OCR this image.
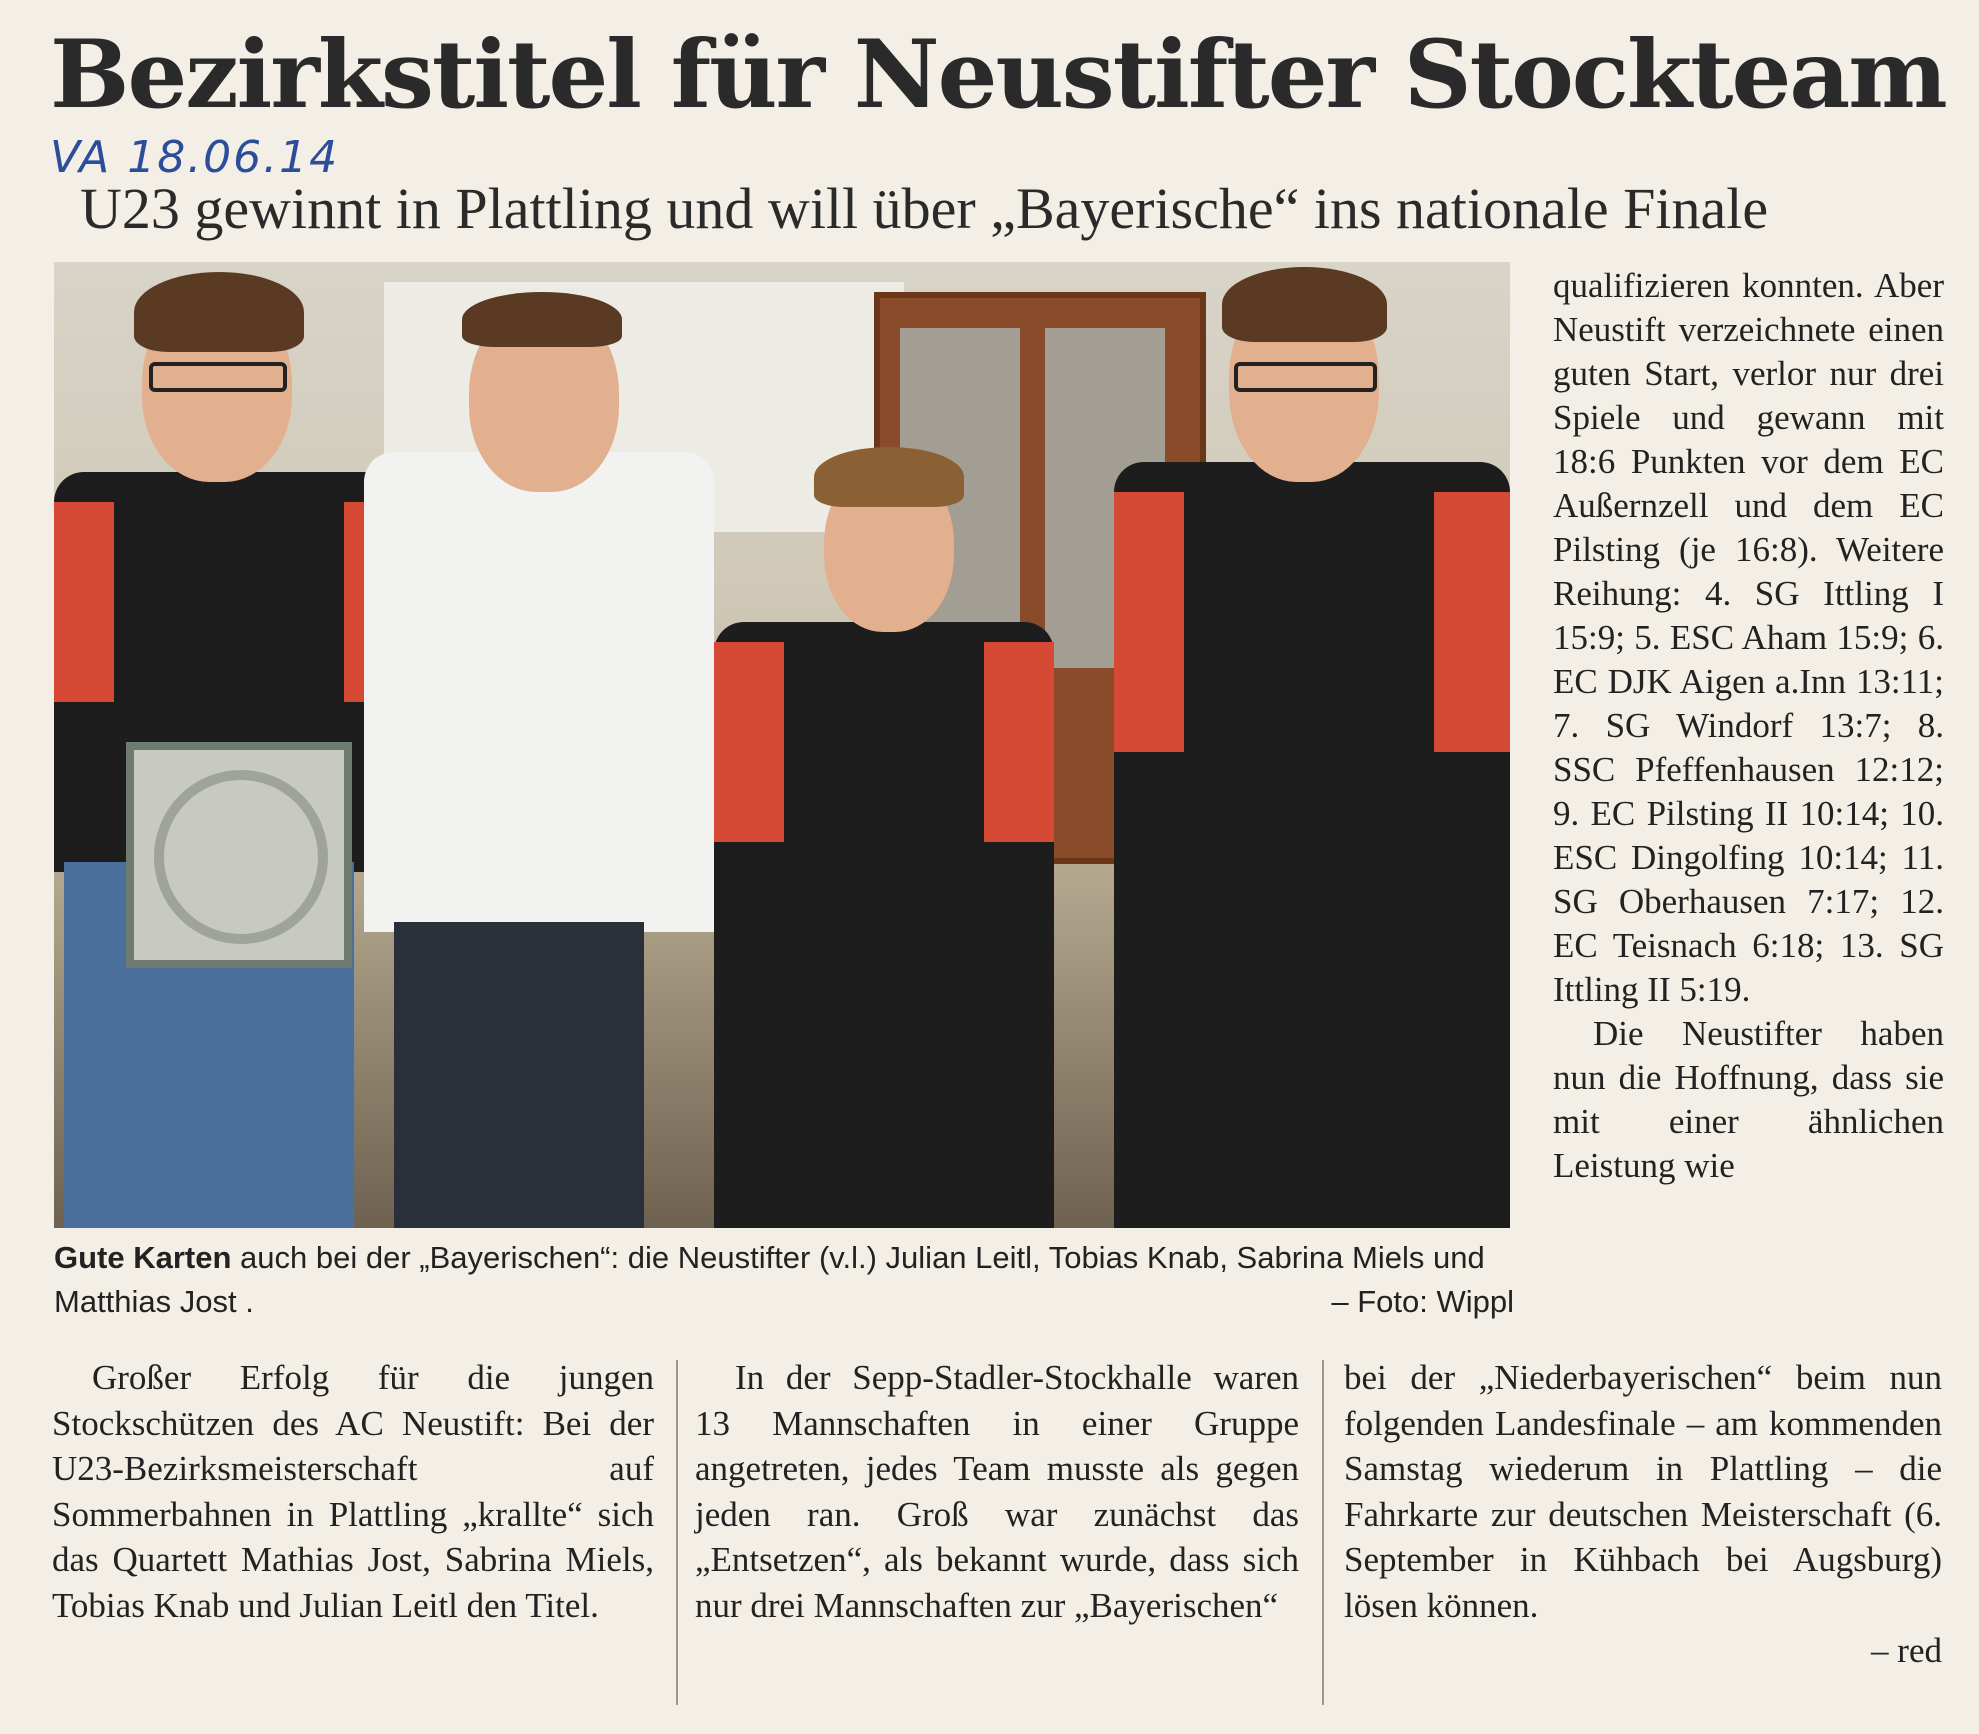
Bezirkstitel für Neustifter Stockteam
VA 18.06.14
U23 gewinnt in Plattling und will über „Bayerische“ ins nationale Finale
Gute Karten auch bei der „Bayerischen“: die Neustifter (v.l.) Julian Leitl, Tobias Knab, Sabrina Miels und Matthias Jost .	– Foto: Wippl

qualifizieren konnten. Aber Neustift verzeichnete einen guten Start, verlor nur drei Spiele und gewann mit 18:6 Punkten vor dem EC Außernzell und dem EC Pilsting (je 16:8). Weitere Reihung: 4. SG Ittling I 15:9; 5. ESC Aham 15:9; 6. EC DJK Aigen a.Inn 13:11; 7. SG Windorf 13:7; 8. SSC Pfeffenhausen 12:12; 9. EC Pilsting II 10:14; 10. ESC Dingolfing 10:14; 11. SG Oberhausen 7:17; 12. EC Teisnach 6:18; 13. SG Ittling II 5:19.

Die Neustifter haben nun die Hoffnung, dass sie mit einer ähnlichen Leistung wie

Großer Erfolg für die jungen Stockschützen des AC Neustift: Bei der U23-Bezirksmeisterschaft auf Sommerbahnen in Plattling „krallte“ sich das Quartett Mathias Jost, Sabrina Miels, Tobias Knab und Julian Leitl den Titel.

In der Sepp-Stadler-Stockhalle waren 13 Mannschaften in einer Gruppe angetreten, jedes Team musste als gegen jeden ran. Groß war zunächst das „Entsetzen“, als bekannt wurde, dass sich nur drei Mannschaften zur „Bayerischen“

bei der „Niederbayerischen“ beim nun folgenden Landesfinale – am kommenden Samstag wiederum in Plattling – die Fahrkarte zur deutschen Meisterschaft (6. September in Kühbach bei Augsburg) lösen können.

– red
